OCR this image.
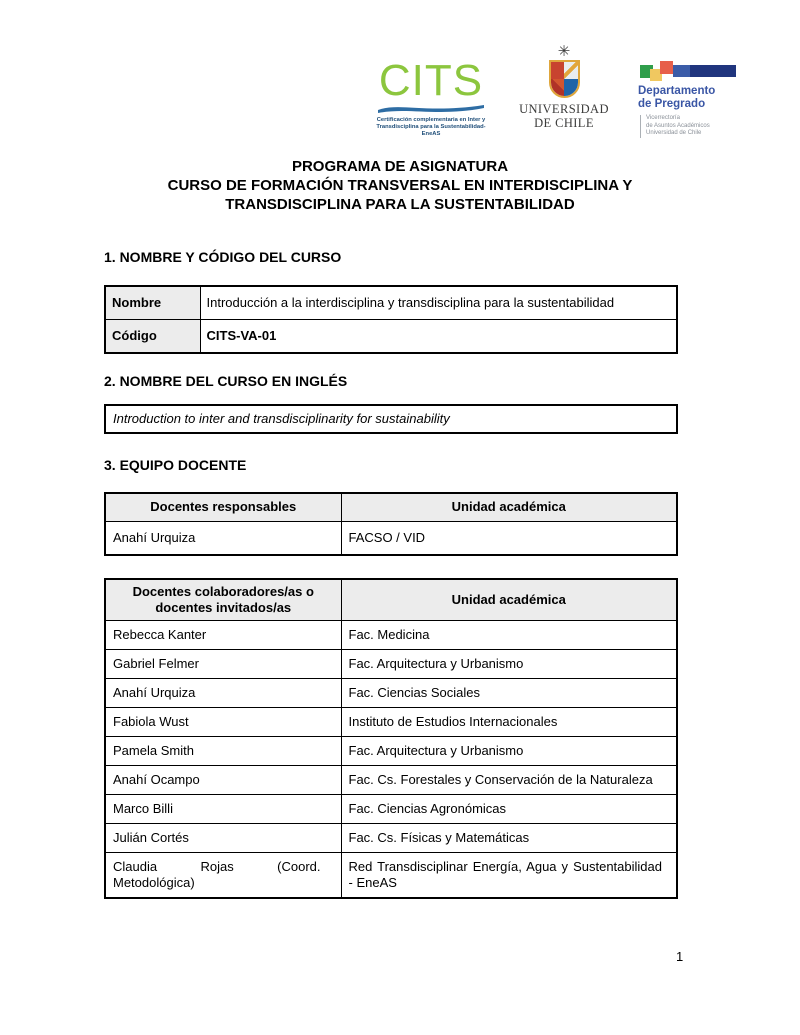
CITS
Certificación complementaria en Inter y
Transdisciplina para la Sustentabilidad- EneAS
✳
UNIVERSIDAD
DE CHILE
Departamento
de Pregrado
Vicerrectoría
de Asuntos Académicos
Universidad de Chile
PROGRAMA DE ASIGNATURA
CURSO DE FORMACIÓN TRANSVERSAL EN INTERDISCIPLINA Y
TRANSDISCIPLINA PARA LA SUSTENTABILIDAD
1. NOMBRE Y CÓDIGO DEL CURSO
Nombre	Introducción a la interdisciplina y transdisciplina para la sustentabilidad
Código	CITS-VA-01
2. NOMBRE DEL CURSO EN INGLÉS
Introduction to inter and transdisciplinarity for sustainability
3. EQUIPO DOCENTE
Docentes responsables	Unidad académica
Anahí Urquiza	FACSO / VID
Docentes colaboradores/as o docentes invitados/as	Unidad académica
Rebecca Kanter	Fac. Medicina
Gabriel Felmer	Fac. Arquitectura y Urbanismo
Anahí Urquiza	Fac. Ciencias Sociales
Fabiola Wust	Instituto de Estudios Internacionales
Pamela Smith	Fac. Arquitectura y Urbanismo
Anahí Ocampo	Fac. Cs. Forestales y Conservación de la Naturaleza
Marco Billi	Fac. Ciencias Agronómicas
Julián Cortés	Fac. Cs. Físicas y Matemáticas
Claudia Rojas (Coord. Metodológica)	Red Transdisciplinar Energía, Agua y Sustentabilidad - EneAS
1
